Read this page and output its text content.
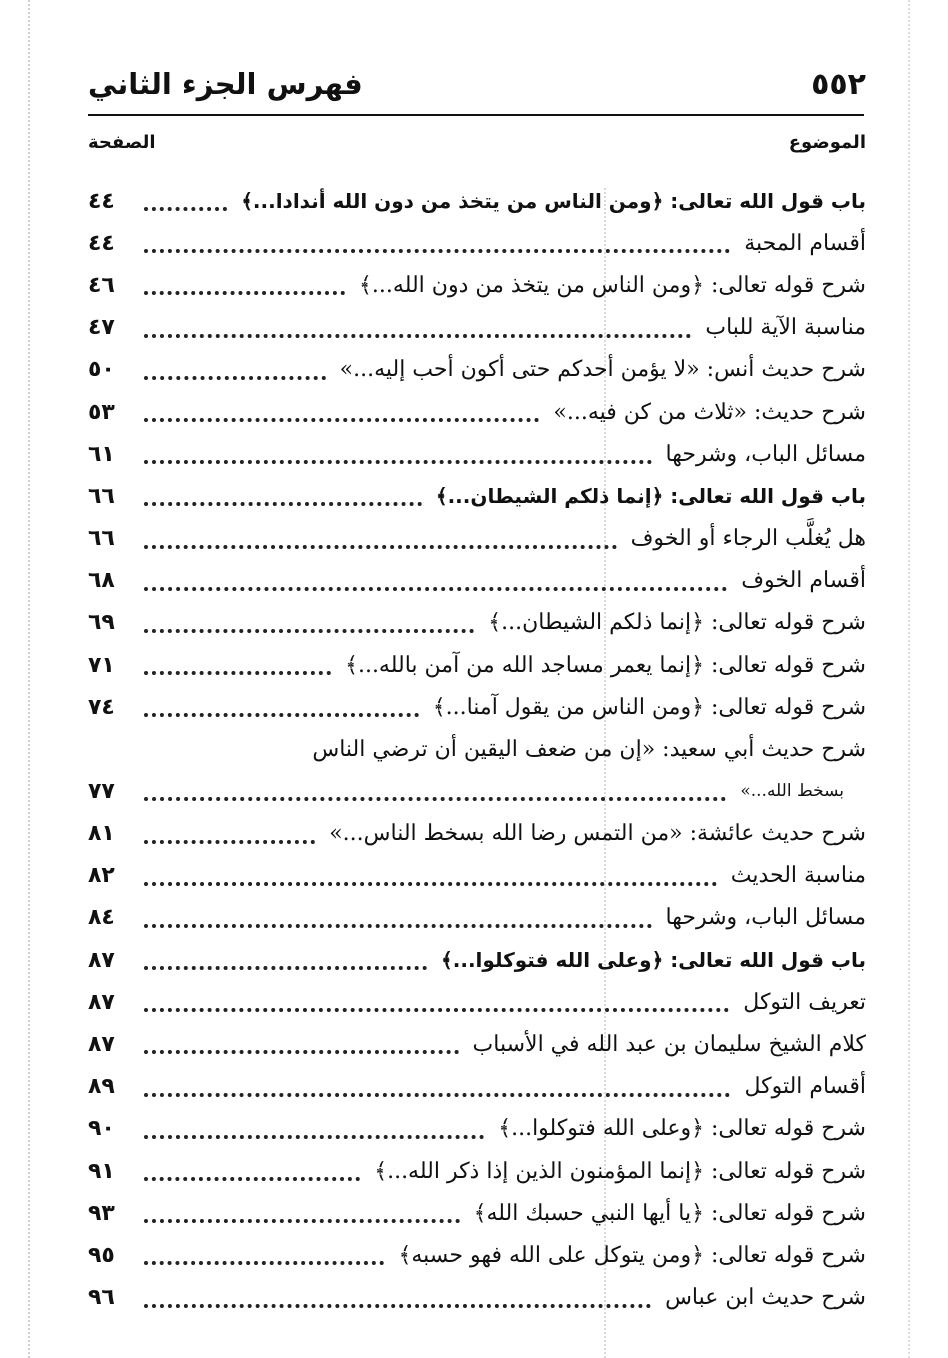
٥٥٢
فهرس الجزء الثاني
الموضوع
الصفحة
باب قول الله تعالى: ﴿ومن الناس من يتخذ من دون الله أندادا...﴾
٤٤
أقسام المحبة
٤٤
شرح قوله تعالى: ﴿ومن الناس من يتخذ من دون الله...﴾
٤٦
مناسبة الآية للباب
٤٧
شرح حديث أنس: «لا يؤمن أحدكم حتى أكون أحب إليه...»
٥٠
شرح حديث: «ثلاث من كن فيه...»
٥٣
مسائل الباب، وشرحها
٦١
باب قول الله تعالى: ﴿إنما ذلكم الشيطان...﴾
٦٦
هل يُغلَّب الرجاء أو الخوف
٦٦
أقسام الخوف
٦٨
شرح قوله تعالى: ﴿إنما ذلكم الشيطان...﴾
٦٩
شرح قوله تعالى: ﴿إنما يعمر مساجد الله من آمن بالله...﴾
٧١
شرح قوله تعالى: ﴿ومن الناس من يقول آمنا...﴾
٧٤
شرح حديث أبي سعيد: «إن من ضعف اليقين أن ترضي الناس
بسخط الله...»
٧٧
شرح حديث عائشة: «من التمس رضا الله بسخط الناس...»
٨١
مناسبة الحديث
٨٢
مسائل الباب، وشرحها
٨٤
باب قول الله تعالى: ﴿وعلى الله فتوكلوا...﴾
٨٧
تعريف التوكل
٨٧
كلام الشيخ سليمان بن عبد الله في الأسباب
٨٧
أقسام التوكل
٨٩
شرح قوله تعالى: ﴿وعلى الله فتوكلوا...﴾
٩٠
شرح قوله تعالى: ﴿إنما المؤمنون الذين إذا ذكر الله...﴾
٩١
شرح قوله تعالى: ﴿يا أيها النبي حسبك الله﴾
٩٣
شرح قوله تعالى: ﴿ومن يتوكل على الله فهو حسبه﴾
٩٥
شرح حديث ابن عباس
٩٦
